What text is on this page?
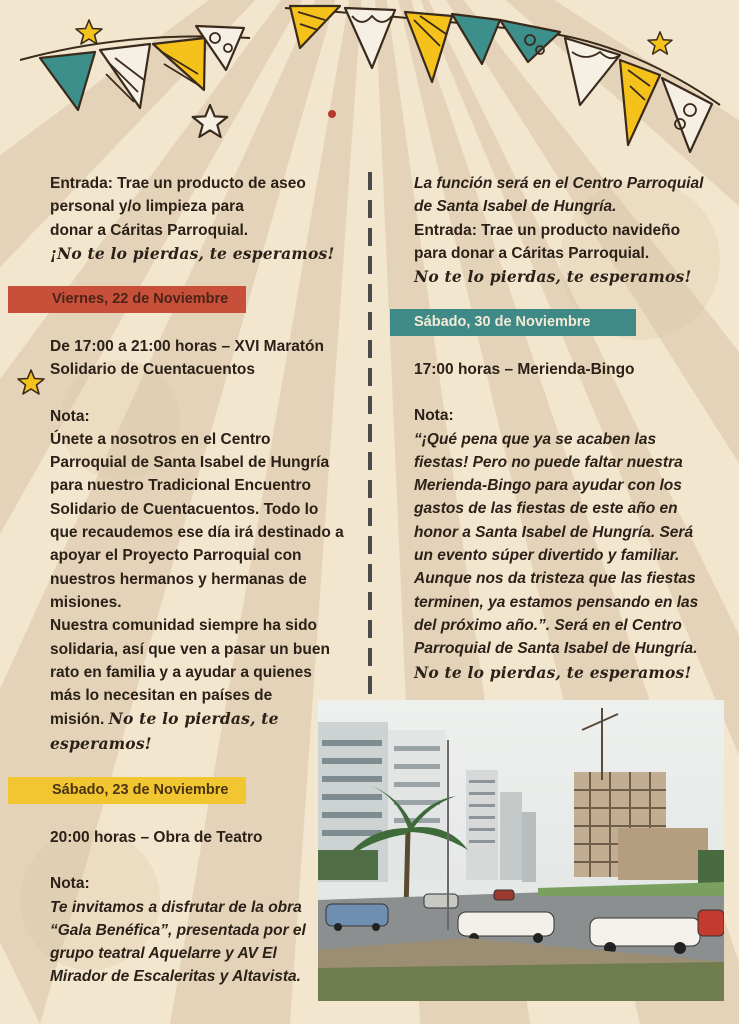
Entrada: Trae un producto de aseo

personal y/o limpieza para

donar a Cáritas Parroquial.

¡No te lo pierdas, te esperamos!

Viernes, 22 de Noviembre

De 17:00 a 21:00 horas – XVI Maratón

Solidario de Cuentacuentos

Nota:

Únete a nosotros en el Centro

Parroquial de Santa Isabel de Hungría

para nuestro Tradicional Encuentro

Solidario de Cuentacuentos. Todo lo

que recaudemos ese día irá destinado a

apoyar el Proyecto Parroquial con

nuestros hermanos y hermanas de

misiones.

Nuestra comunidad siempre ha sido

solidaria, así que ven a pasar un buen

rato en familia y a ayudar a quienes

más lo necesitan en países de

misión. No te lo pierdas, te

esperamos!

Sábado, 23 de Noviembre

20:00 horas – Obra de Teatro

Nota:

Te invitamos a disfrutar de la obra

“Gala Benéfica”, presentada por el

grupo teatral Aquelarre y AV El

Mirador de Escaleritas y Altavista.

La función será en el Centro Parroquial

de Santa Isabel de Hungría.

Entrada: Trae un producto navideño

para donar a Cáritas Parroquial.

No te lo pierdas, te esperamos!

Sábado, 30 de Noviembre

17:00 horas – Merienda-Bingo

Nota:

“¡Qué pena que ya se acaben las

fiestas! Pero no puede faltar nuestra

Merienda-Bingo para ayudar con los

gastos de las fiestas de este año en

honor a Santa Isabel de Hungría. Será

un evento súper divertido y familiar.

Aunque nos da tristeza que las fiestas

terminen, ya estamos pensando en las

del próximo año.”. Será en el Centro

Parroquial de Santa Isabel de Hungría.

No te lo pierdas, te esperamos!
